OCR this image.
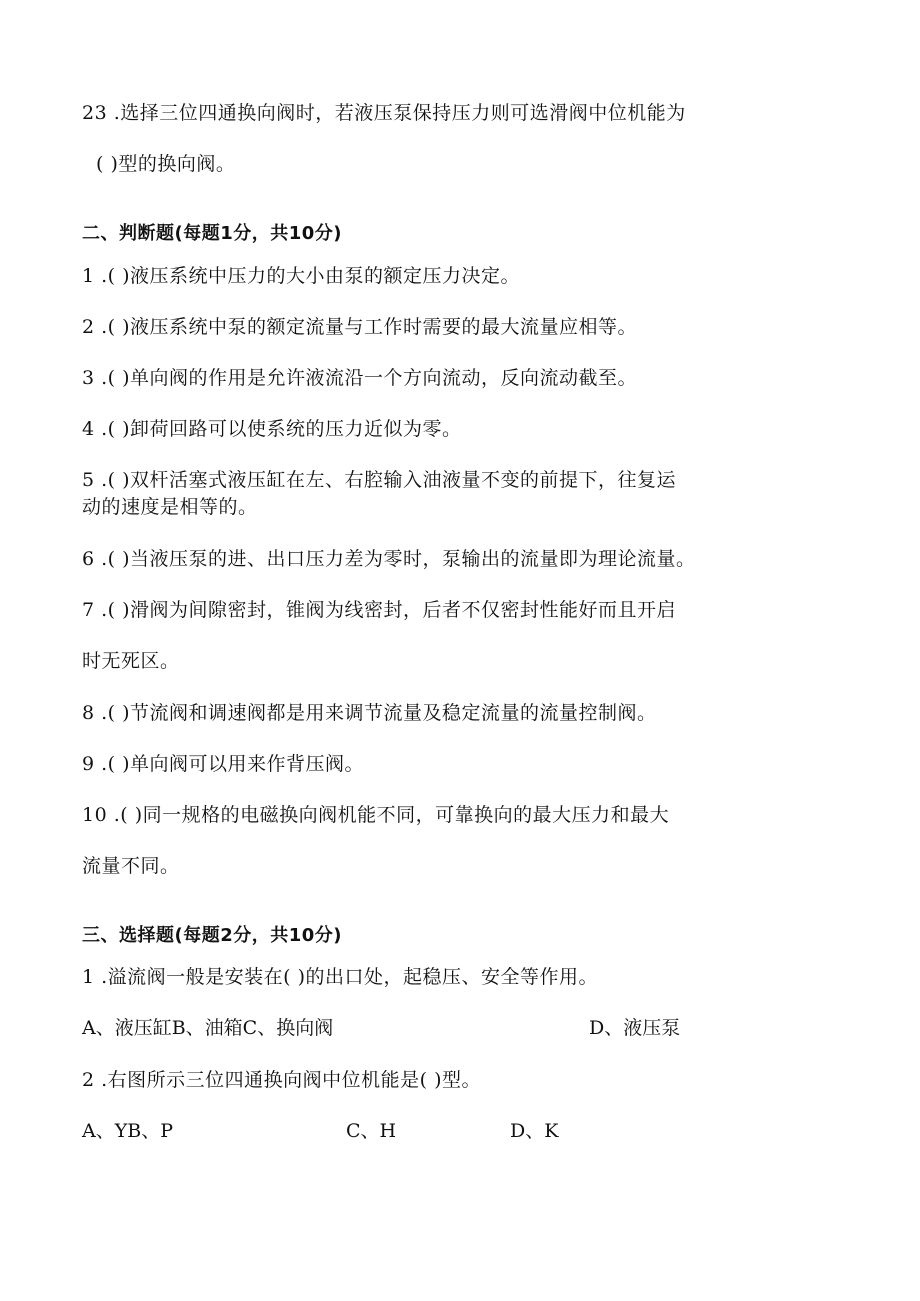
23 .选择三位四通换向阀时，若液压泵保持压力则可选滑阀中位机能为
( )型的换向阀。
二、判断题(每题1分，共10分)
1 .( )液压系统中压力的大小由泵的额定压力决定。
2 .( )液压系统中泵的额定流量与工作时需要的最大流量应相等。
3 .( )单向阀的作用是允许液流沿一个方向流动，反向流动截至。
4 .( )卸荷回路可以使系统的压力近似为零。
5 .( )双杆活塞式液压缸在左、右腔输入油液量不变的前提下，往复运
动的速度是相等的。
6 .( )当液压泵的进、出口压力差为零时，泵输出的流量即为理论流量。
7 .( )滑阀为间隙密封，锥阀为线密封，后者不仅密封性能好而且开启
时无死区。
8 .( )节流阀和调速阀都是用来调节流量及稳定流量的流量控制阀。
9 .( )单向阀可以用来作背压阀。
10 .( )同一规格的电磁换向阀机能不同，可靠换向的最大压力和最大
流量不同。
三、选择题(每题2分，共10分)
1 .溢流阀一般是安装在( )的出口处，起稳压、安全等作用。
A、液压缸B、油箱C、换向阀	D、液压泵
2 .右图所示三位四通换向阀中位机能是( )型。
A、YB、P	C、H	D、K
